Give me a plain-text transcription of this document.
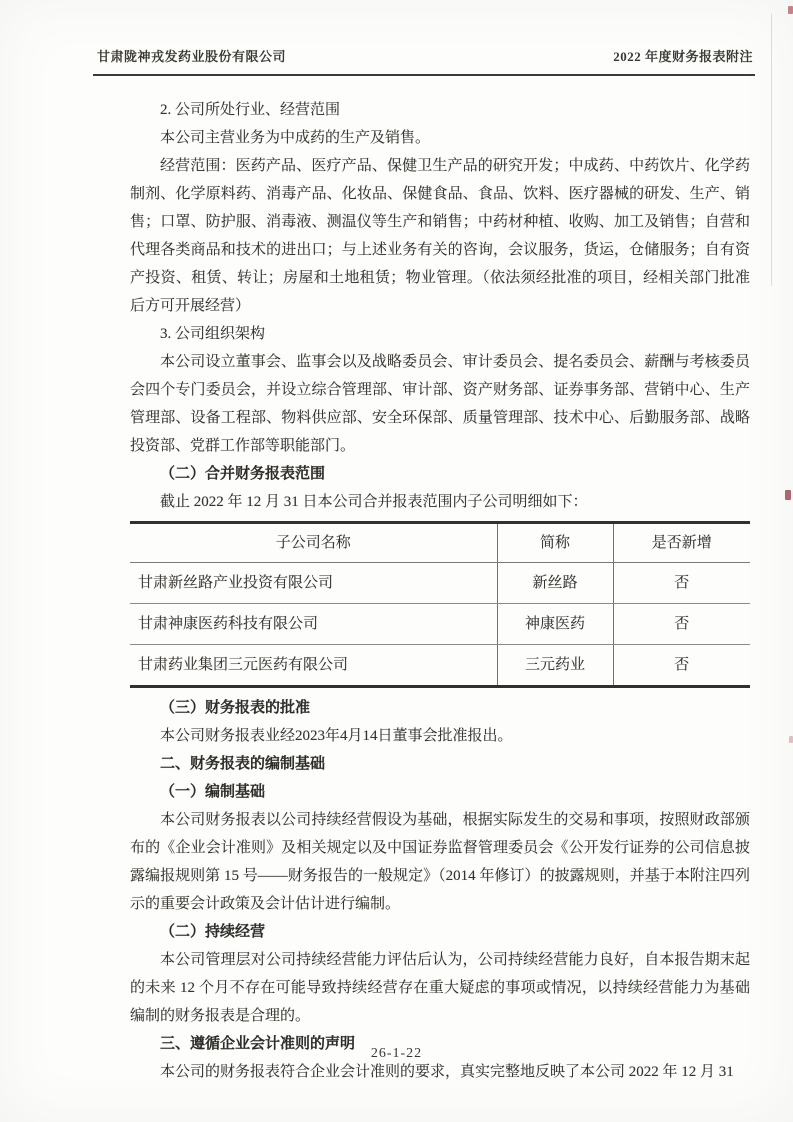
甘肃陇神戎发药业股份有限公司	2022 年度财务报表附注

2. 公司所处行业、经营范围

本公司主营业务为中成药的生产及销售。

经营范围：医药产品、医疗产品、保健卫生产品的研究开发；中成药、中药饮片、化学药制剂、化学原料药、消毒产品、化妆品、保健食品、食品、饮料、医疗器械的研发、生产、销售；口罩、防护服、消毒液、测温仪等生产和销售；中药材种植、收购、加工及销售；自营和代理各类商品和技术的进出口；与上述业务有关的咨询，会议服务，货运，仓储服务；自有资产投资、租赁、转让；房屋和土地租赁；物业管理。（依法须经批准的项目，经相关部门批准后方可开展经营）

3. 公司组织架构

本公司设立董事会、监事会以及战略委员会、审计委员会、提名委员会、薪酬与考核委员会四个专门委员会，并设立综合管理部、审计部、资产财务部、证券事务部、营销中心、生产管理部、设备工程部、物料供应部、安全环保部、质量管理部、技术中心、后勤服务部、战略投资部、党群工作部等职能部门。

（二）合并财务报表范围

截止 2022 年 12 月 31 日本公司合并报表范围内子公司明细如下：

子公司名称	简称	是否新增
甘肃新丝路产业投资有限公司	新丝路	否
甘肃神康医药科技有限公司	神康医药	否
甘肃药业集团三元医药有限公司	三元药业	否

（三）财务报表的批准

本公司财务报表业经2023年4月14日董事会批准报出。

二、财务报表的编制基础

（一）编制基础

本公司财务报表以公司持续经营假设为基础，根据实际发生的交易和事项，按照财政部颁布的《企业会计准则》及相关规定以及中国证券监督管理委员会《公开发行证券的公司信息披露编报规则第 15 号——财务报告的一般规定》（2014 年修订）的披露规则，并基于本附注四列示的重要会计政策及会计估计进行编制。

（二）持续经营

本公司管理层对公司持续经营能力评估后认为，公司持续经营能力良好，自本报告期末起的未来 12 个月不存在可能导致持续经营存在重大疑虑的事项或情况，以持续经营能力为基础编制的财务报表是合理的。

三、遵循企业会计准则的声明

本公司的财务报表符合企业会计准则的要求，真实完整地反映了本公司 2022 年 12 月 31

26-1-22
